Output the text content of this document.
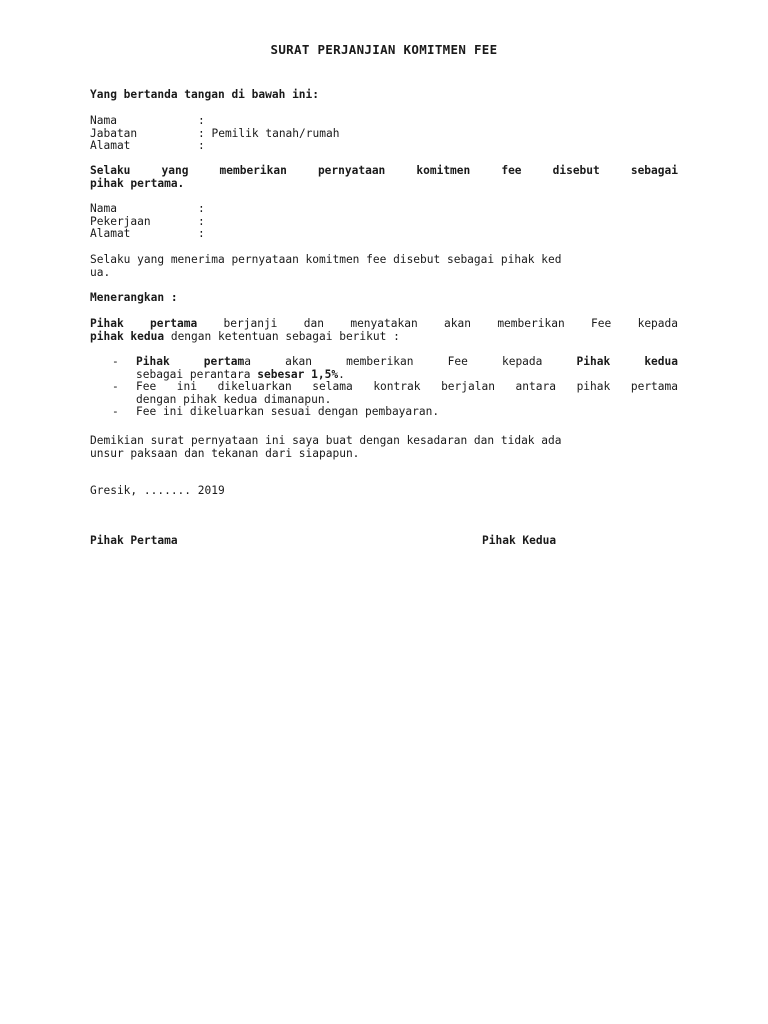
SURAT PERJANJIAN KOMITMEN FEE
Yang bertanda tangan di bawah ini:
Nama	:
Jabatan	: Pemilik tanah/rumah
Alamat	:
Selaku yang memberikan pernyataan komitmen fee disebut sebagai
pihak pertama.
Nama	:
Pekerjaan	:
Alamat	:
Selaku yang menerima pernyataan komitmen fee disebut sebagai pihak ked
ua.
Menerangkan :
Pihak pertama berjanji dan menyatakan akan memberikan Fee kepada
pihak kedua dengan ketentuan sebagai berikut :
-	Pihak pertama akan memberikan Fee kepada Pihak kedua
sebagai perantara sebesar 1,5%.
-	Fee ini dikeluarkan selama kontrak berjalan antara pihak pertama
dengan pihak kedua dimanapun.
-	Fee ini dikeluarkan sesuai dengan pembayaran.
Demikian surat pernyataan ini saya buat dengan kesadaran dan tidak ada
unsur paksaan dan tekanan dari siapapun.
Gresik, ....... 2019
Pihak Pertama	Pihak Kedua
